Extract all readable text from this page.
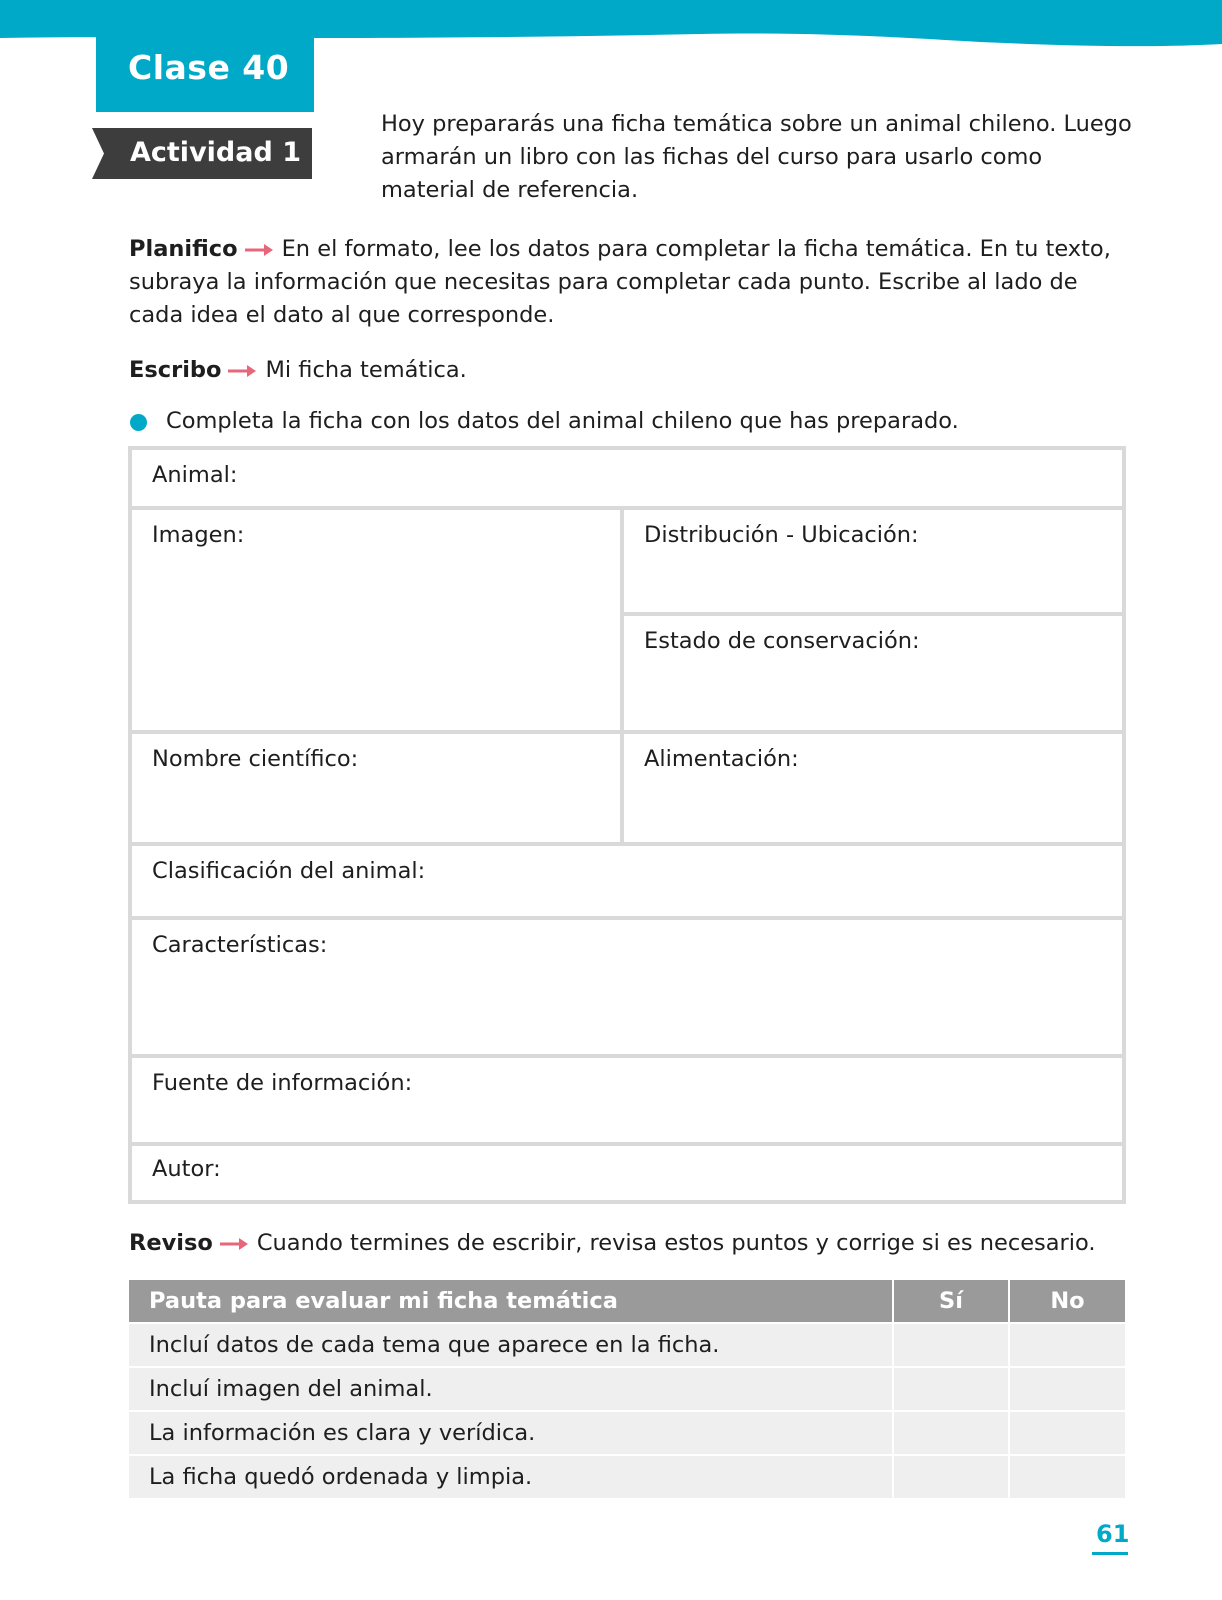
Clase 40
Actividad 1

Hoy prepararás una ficha temática sobre un animal chileno. Luego armarán un libro con las fichas del curso para usarlo como material de referencia.

Planifico En el formato, lee los datos para completar la ficha temática. En tu texto, subraya la información que necesitas para completar cada punto. Escribe al lado de cada idea el dato al que corresponde.

Escribo Mi ficha temática.

Completa la ficha con los datos del animal chileno que has preparado.

Animal:
Imagen:	Distribución - Ubicación:
Estado de conservación:
Nombre científico:	Alimentación:
Clasificación del animal:
Características:
Fuente de información:
Autor:

Reviso Cuando termines de escribir, revisa estos puntos y corrige si es necesario.

Pauta para evaluar mi ficha temática	Sí	No
Incluí datos de cada tema que aparece en la ficha.
Incluí imagen del animal.
La información es clara y verídica.
La ficha quedó ordenada y limpia.
61
